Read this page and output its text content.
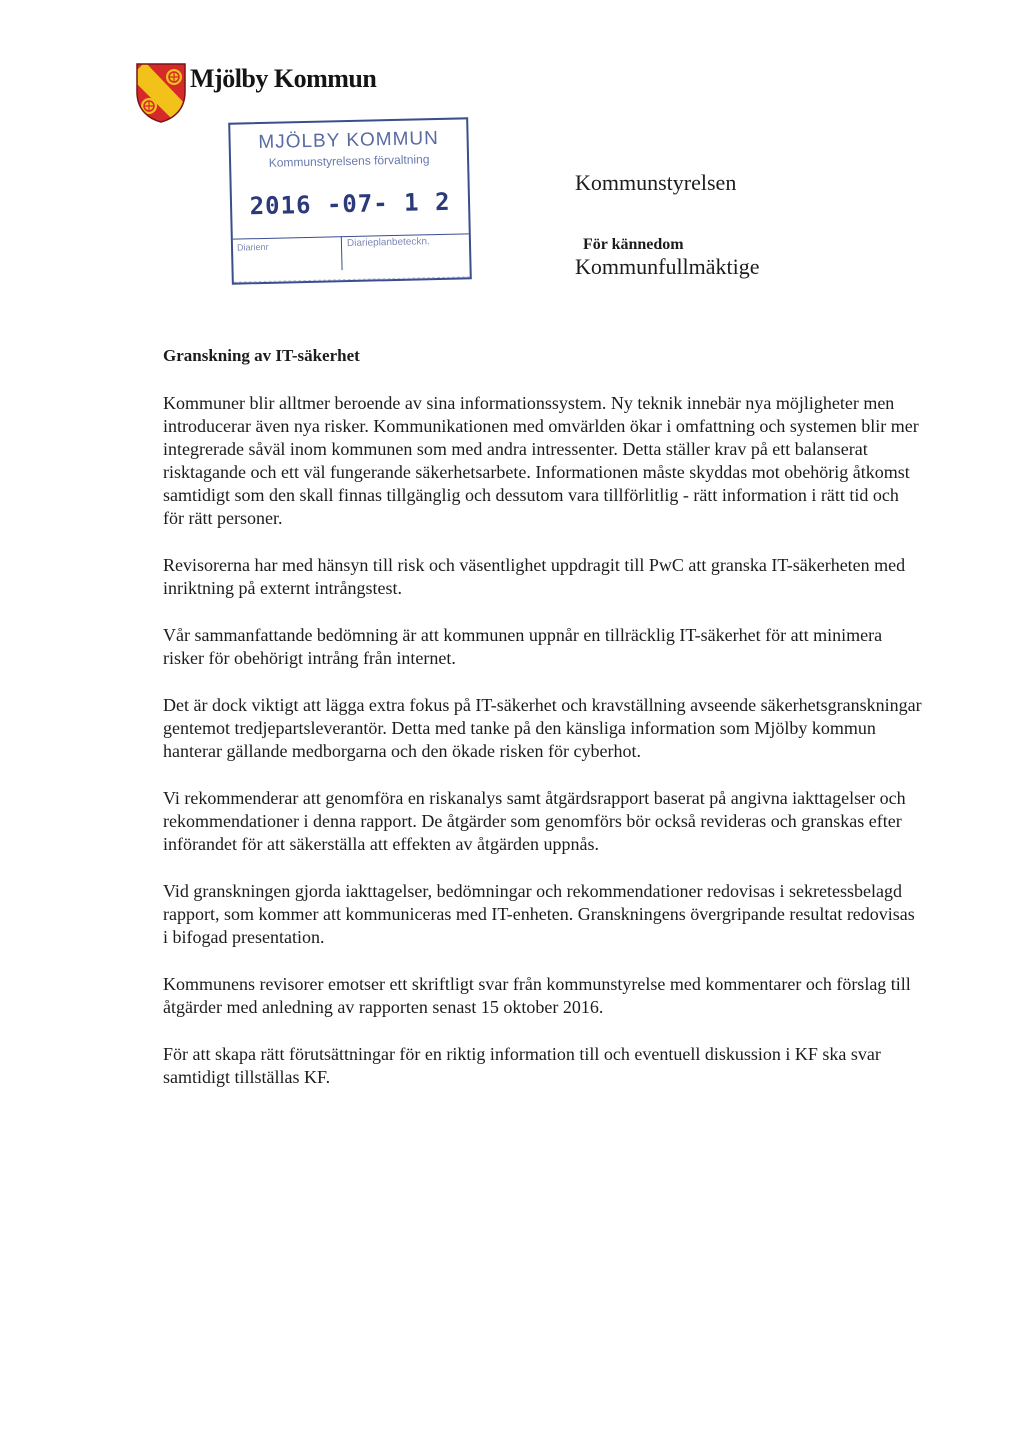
Mjölby Kommun
MJÖLBY KOMMUN
Kommunstyrelsens förvaltning
2016 -07- 1 2
Diarienr	Diarieplanbeteckn.
Kommunstyrelsen
För kännedom
Kommunfullmäktige
Granskning av IT-säkerhet

Kommuner blir alltmer beroende av sina informationssystem. Ny teknik innebär nya möjligheter men introducerar även nya risker. Kommunikationen med omvärlden ökar i omfattning och systemen blir mer integrerade såväl inom kommunen som med andra intressenter. Detta ställer krav på ett balanserat risktagande och ett väl fungerande säkerhetsarbete. Informationen måste skyddas mot obehörig åtkomst samtidigt som den skall finnas tillgänglig och dessutom vara tillförlitlig - rätt information i rätt tid och för rätt personer.

Revisorerna har med hänsyn till risk och väsentlighet uppdragit till PwC att granska IT-säkerheten med inriktning på externt intrångstest.

Vår sammanfattande bedömning är att kommunen uppnår en tillräcklig IT-säkerhet för att minimera risker för obehörigt intrång från internet.

Det är dock viktigt att lägga extra fokus på IT-säkerhet och kravställning avseende säkerhetsgranskningar gentemot tredjepartsleverantör. Detta med tanke på den känsliga information som Mjölby kommun hanterar gällande medborgarna och den ökade risken för cyberhot.

Vi rekommenderar att genomföra en riskanalys samt åtgärdsrapport baserat på angivna iakttagelser och rekommendationer i denna rapport. De åtgärder som genomförs bör också revideras och granskas efter införandet för att säkerställa att effekten av åtgärden uppnås.

Vid granskningen gjorda iakttagelser, bedömningar och rekommendationer redovisas i sekretessbelagd rapport, som kommer att kommuniceras med IT-enheten. Granskningens övergripande resultat redovisas i bifogad presentation.

Kommunens revisorer emotser ett skriftligt svar från kommunstyrelse med kommentarer och förslag till åtgärder med anledning av rapporten senast 15 oktober 2016.

För att skapa rätt förutsättningar för en riktig information till och eventuell diskussion i KF ska svar samtidigt tillställas KF.
